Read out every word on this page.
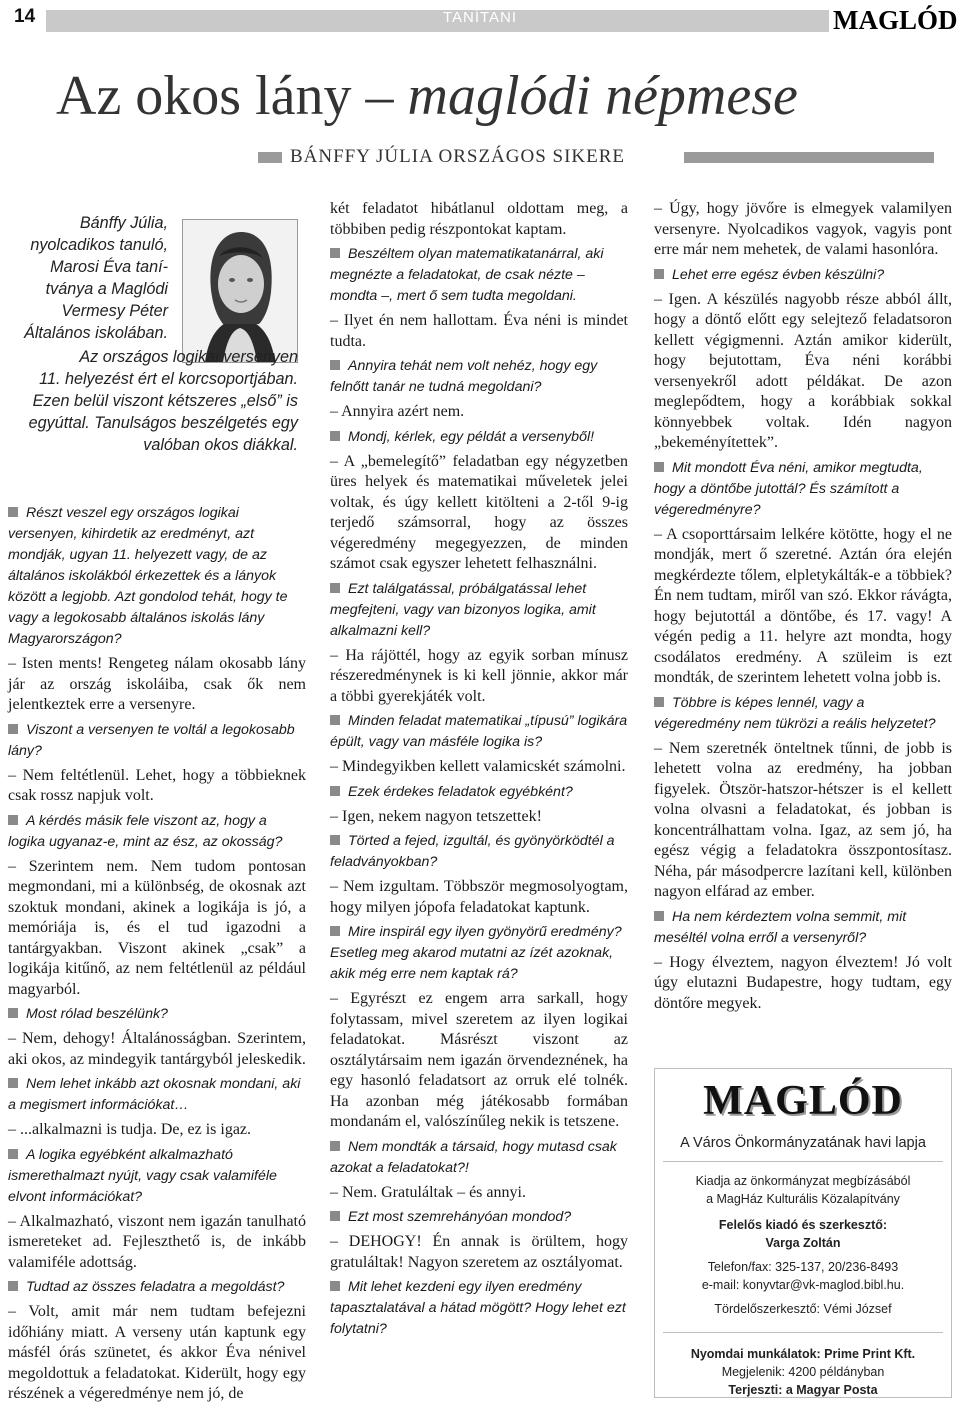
14	TANÍTANI	MAGLÓD
Az okos lány – maglódi népmese
BÁNFFY JÚLIA ORSZÁGOS SIKERE
Bánffy Júlia,
nyolcadikos tanuló,
Marosi Éva taní-
tványa a Maglódi
Vermesy Péter
Általános iskolában.
Az országos logikai versenyen
11. helyezést ért el korcsoportjában.
Ezen belül viszont kétszeres „első” is
egyúttal. Tanulságos beszélgetés egy
valóban okos diákkal.

Részt veszel egy országos logikai versenyen, kihirdetik az eredményt, azt mondják, ugyan 11. helyezett vagy, de az általános iskolákból érkezettek és a lányok között a legjobb. Azt gondolod tehát, hogy te vagy a legokosabb általános iskolás lány Magyarországon?

– Isten ments! Rengeteg nálam okosabb lány jár az ország iskoláiba, csak ők nem jelentkeztek erre a versenyre.

Viszont a versenyen te voltál a legokosabb lány?

– Nem feltétlenül. Lehet, hogy a többieknek csak rossz napjuk volt.

A kérdés másik fele viszont az, hogy a logika ugyanaz-e, mint az ész, az okosság?

– Szerintem nem. Nem tudom pontosan megmondani, mi a különbség, de okosnak azt szoktuk mondani, akinek a logikája is jó, a memóriája is, és el tud igazodni a tantárgyakban. Viszont akinek „csak” a logikája kitűnő, az nem feltétlenül az például magyarból.

Most rólad beszélünk?

– Nem, dehogy! Általánosságban. Szerintem, aki okos, az mindegyik tantárgyból jeleskedik.

Nem lehet inkább azt okosnak mondani, aki a megismert információkat…

– ...alkalmazni is tudja. De, ez is igaz.

A logika egyébként alkalmazható ismerethalmazt nyújt, vagy csak valamiféle elvont információkat?

– Alkalmazható, viszont nem igazán tanulható ismereteket ad. Fejleszthető is, de inkább valamiféle adottság.

Tudtad az összes feladatra a megoldást?

– Volt, amit már nem tudtam befejezni időhiány miatt. A verseny után kaptunk egy másfél órás szünetet, és akkor Éva nénivel megoldottuk a feladatokat. Kiderült, hogy egy részének a végeredménye nem jó, de

két feladatot hibátlanul oldottam meg, a többiben pedig részpontokat kaptam.

Beszéltem olyan matematikatanárral, aki megnézte a feladatokat, de csak nézte – mondta –, mert ő sem tudta megoldani.

– Ilyet én nem hallottam. Éva néni is mindet tudta.

Annyira tehát nem volt nehéz, hogy egy felnőtt tanár ne tudná megoldani?

– Annyira azért nem.

Mondj, kérlek, egy példát a versenyből!

– A „bemelegítő” feladatban egy négyzetben üres helyek és matematikai műveletek jelei voltak, és úgy kellett kitölteni a 2-től 9-ig terjedő számsorral, hogy az összes végeredmény megegyezzen, de minden számot csak egyszer lehetett felhasználni.

Ezt találgatással, próbálgatással lehet megfejteni, vagy van bizonyos logika, amit alkalmazni kell?

– Ha rájöttél, hogy az egyik sorban mínusz részeredménynek is ki kell jönnie, akkor már a többi gyerekjáték volt.

Minden feladat matematikai „típusú” logikára épült, vagy van másféle logika is?

– Mindegyikben kellett valamicskét számolni.

Ezek érdekes feladatok egyébként?

– Igen, nekem nagyon tetszettek!

Törted a fejed, izgultál, és gyönyörködtél a feladványokban?

– Nem izgultam. Többször megmosolyogtam, hogy milyen jópofa feladatokat kaptunk.

Mire inspirál egy ilyen gyönyörű eredmény? Esetleg meg akarod mutatni az ízét azoknak, akik még erre nem kaptak rá?

– Egyrészt ez engem arra sarkall, hogy folytassam, mivel szeretem az ilyen logikai feladatokat. Másrészt viszont az osztálytársaim nem igazán örvendeznének, ha egy hasonló feladatsort az orruk elé tolnék. Ha azonban még játékosabb formában mondanám el, valószínűleg nekik is tetszene.

Nem mondták a társaid, hogy mutasd csak azokat a feladatokat?!

– Nem. Gratuláltak – és annyi.

Ezt most szemrehányóan mondod?

– DEHOGY! Én annak is örültem, hogy gratuláltak! Nagyon szeretem az osztályomat.

Mit lehet kezdeni egy ilyen eredmény tapasztalatával a hátad mögött? Hogy lehet ezt folytatni?

– Úgy, hogy jövőre is elmegyek valamilyen versenyre. Nyolcadikos vagyok, vagyis pont erre már nem mehetek, de valami hasonlóra.

Lehet erre egész évben készülni?

– Igen. A készülés nagyobb része abból állt, hogy a döntő előtt egy selejtező feladatsoron kellett végigmenni. Aztán amikor kiderült, hogy bejutottam, Éva néni korábbi versenyekről adott példákat. De azon meglepődtem, hogy a korábbiak sokkal könnyebbek voltak. Idén nagyon „bekeményítettek”.

Mit mondott Éva néni, amikor megtudta, hogy a döntőbe jutottál? És számított a végeredményre?

– A csoporttársaim lelkére kötötte, hogy el ne mondják, mert ő szeretné. Aztán óra elején megkérdezte tőlem, elpletykálták-e a többiek? Én nem tudtam, miről van szó. Ekkor rávágta, hogy bejutottál a döntőbe, és 17. vagy! A végén pedig a 11. helyre azt mondta, hogy csodálatos eredmény. A szüleim is ezt mondták, de szerintem lehetett volna jobb is.

Többre is képes lennél, vagy a végeredmény nem tükrözi a reális helyzetet?

– Nem szeretnék önteltnek tűnni, de jobb is lehetett volna az eredmény, ha jobban figyelek. Ötször-hatszor-hétszer is el kellett volna olvasni a feladatokat, és jobban is koncentrálhattam volna. Igaz, az sem jó, ha egész végig a feladatokra összpontosítasz. Néha, pár másodpercre lazítani kell, különben nagyon elfárad az ember.

Ha nem kérdeztem volna semmit, mit meséltél volna erről a versenyről?

– Hogy élveztem, nagyon élveztem! Jó volt úgy elutazni Budapestre, hogy tudtam, egy döntőre megyek.

MAGLÓD
A Város Önkormányzatának havi lapja
Kiadja az önkormányzat megbízásából
a MagHáz Kulturális Közalapítvány
Felelős kiadó és szerkesztő:
Varga Zoltán
Telefon/fax: 325-137, 20/236-8493
e-mail: konyvtar@vk-maglod.bibl.hu.
Tördelőszerkesztő: Vémi József
Nyomdai munkálatok: Prime Print Kft.
Megjelenik: 4200 példányban
Terjeszti: a Magyar Posta
